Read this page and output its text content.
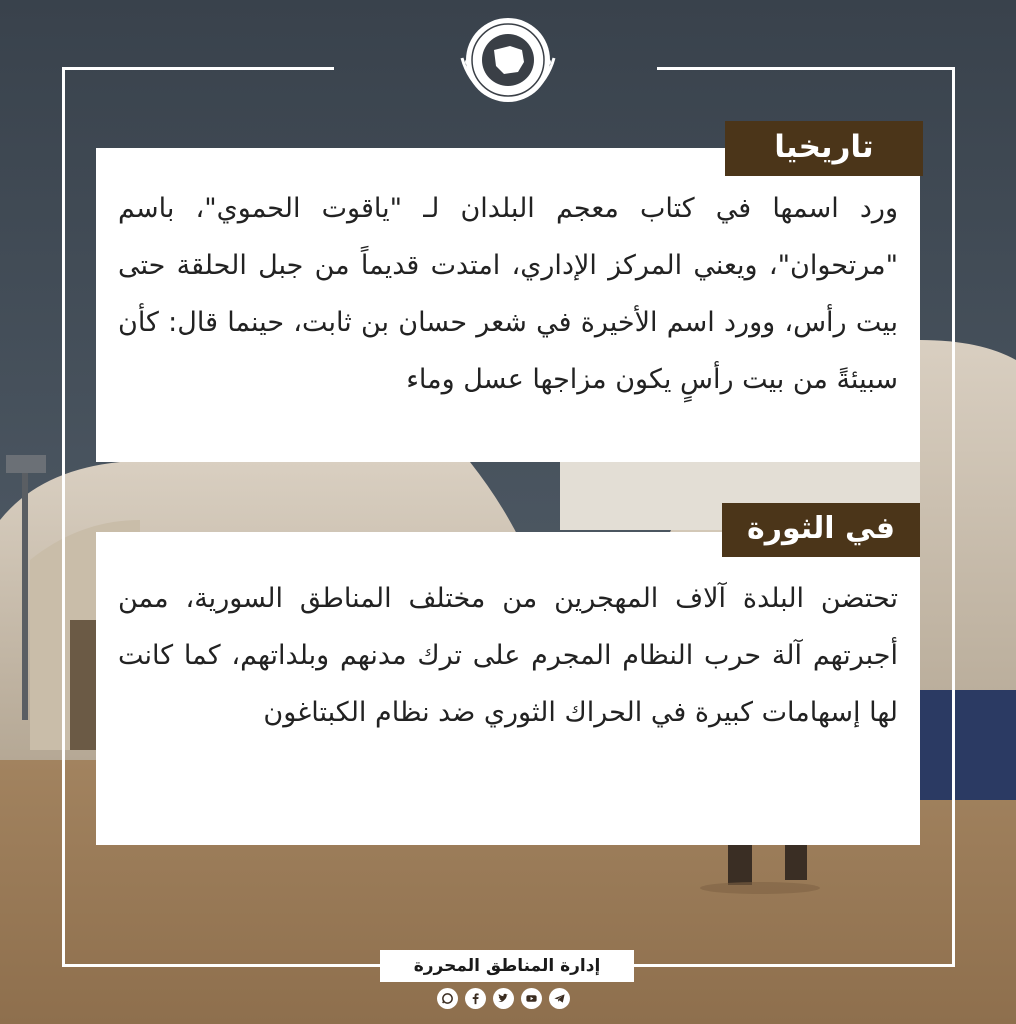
ورد اسمها في كتاب معجم البلدان لـ "ياقوت الحموي"، باسم "مرتحوان"، ويعني المركز الإداري، امتدت قديماً من جبل الحلقة حتى بيت رأس، وورد اسم الأخيرة في شعر حسان بن ثابت، حينما قال: كأن سبيئةً من بيت رأسٍ يكون مزاجها عسل وماء

تاريخيا

تحتضن البلدة آلاف المهجرين من مختلف المناطق السورية، ممن أجبرتهم آلة حرب النظام المجرم على ترك مدنهم وبلداتهم، كما كانت لها إسهامات كبيرة في الحراك الثوري ضد نظام الكبتاغون

في الثورة
إدارة المناطق المحررة
